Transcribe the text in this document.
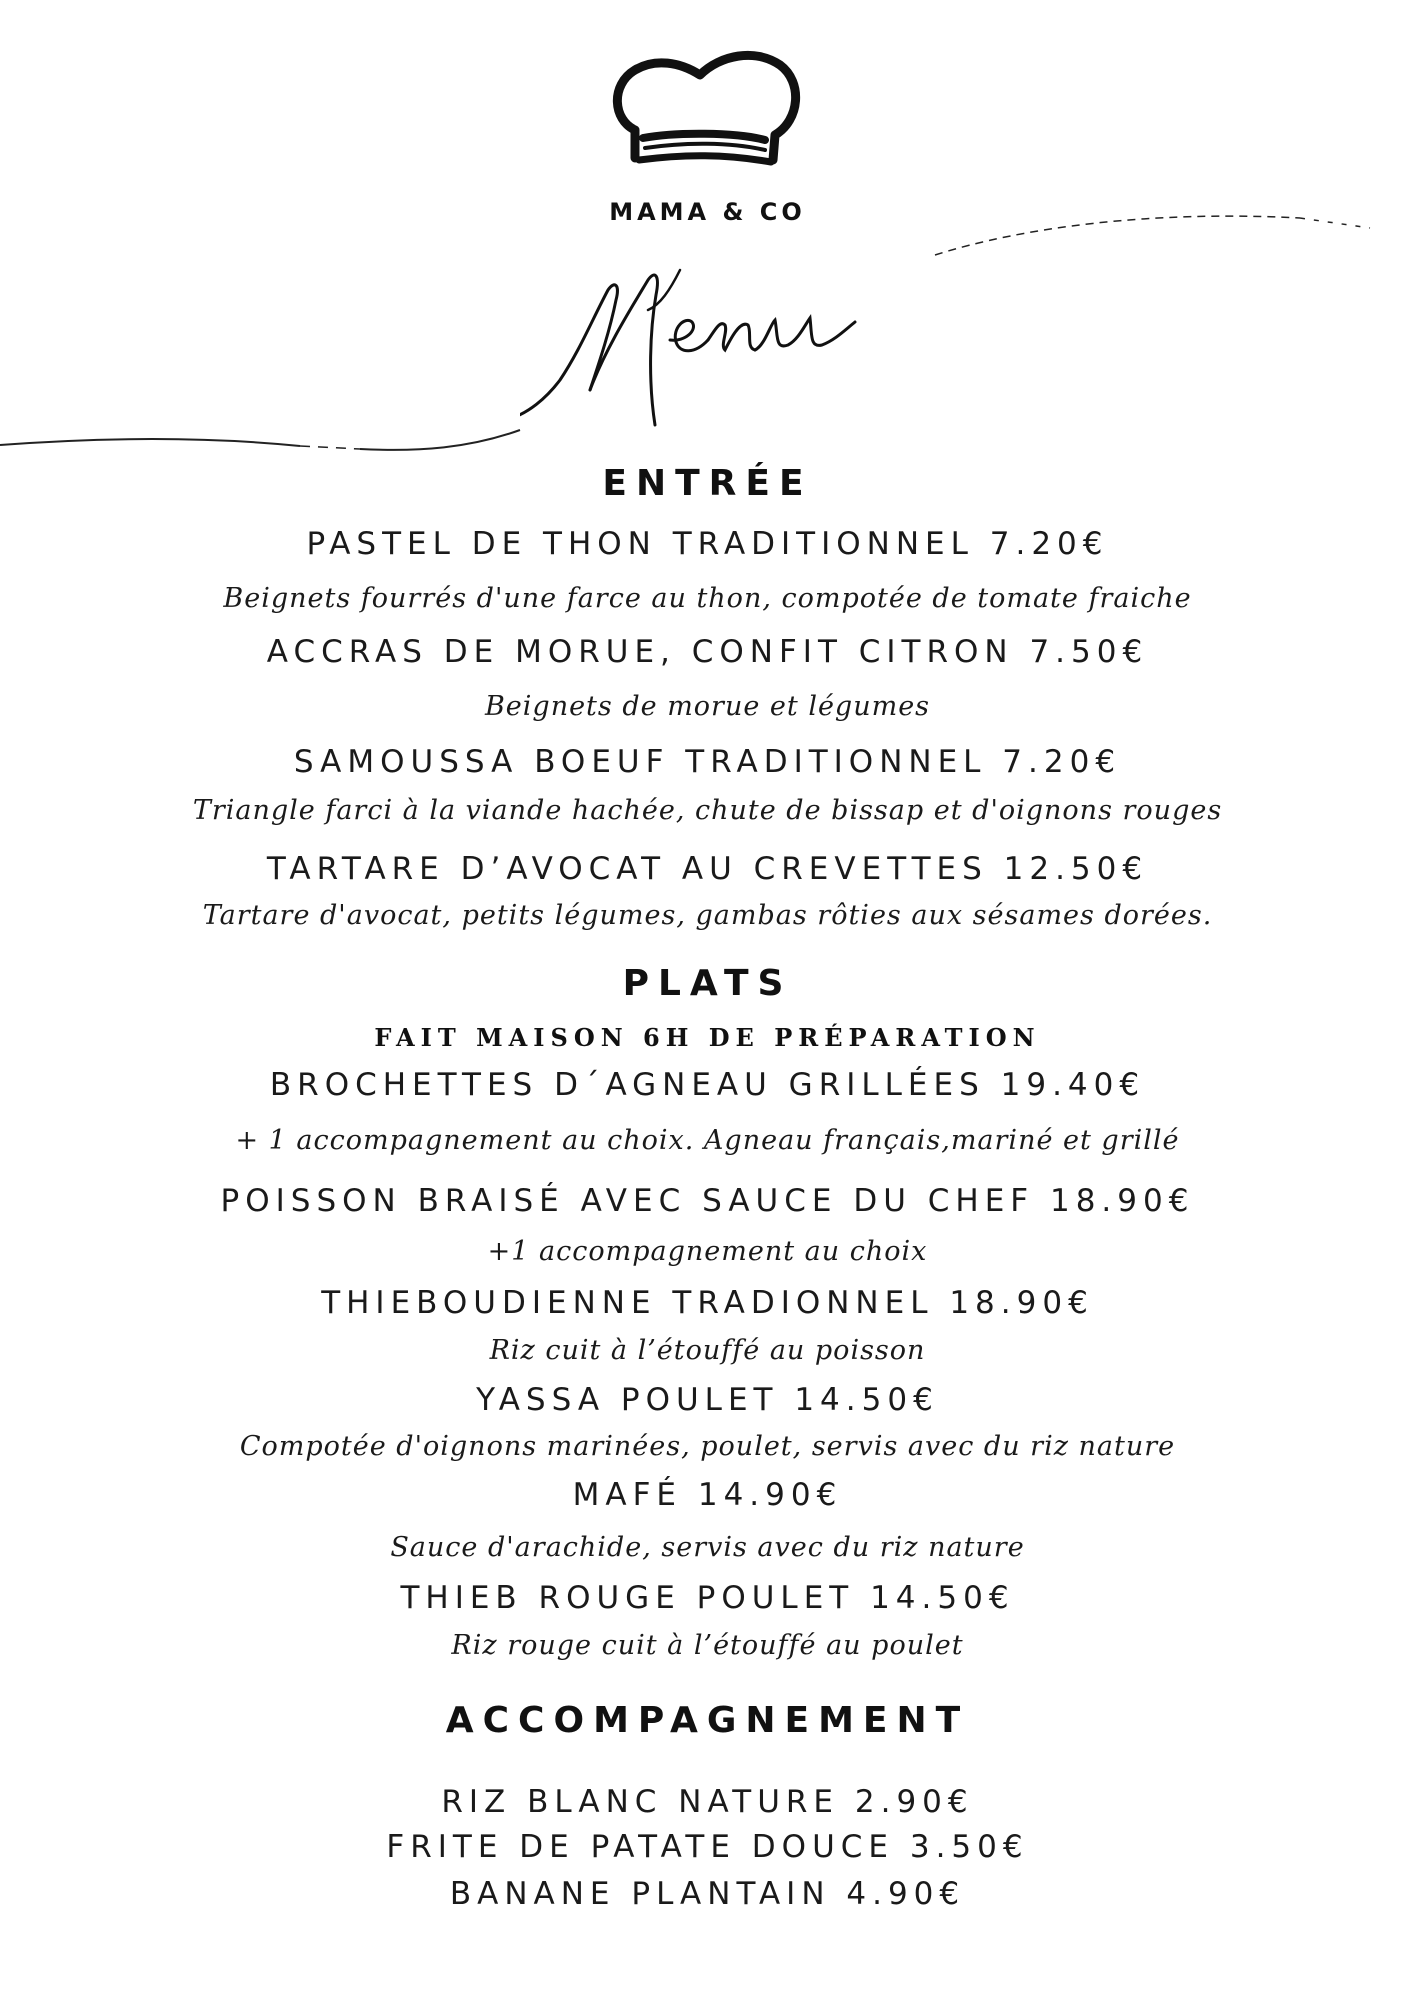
MAMA & CO
ENTRÉE
PASTEL DE THON TRADITIONNEL 7.20€
Beignets fourrés d'une farce au thon, compotée de tomate fraiche
ACCRAS DE MORUE, CONFIT CITRON 7.50€
Beignets de morue et légumes
SAMOUSSA BOEUF TRADITIONNEL 7.20€
Triangle farci à la viande hachée, chute de bissap et d'oignons rouges
TARTARE D’AVOCAT AU CREVETTES 12.50€
Tartare d'avocat, petits légumes, gambas rôties aux sésames dorées.
PLATS
FAIT MAISON 6H DE PRÉPARATION
BROCHETTES D´AGNEAU GRILLÉES 19.40€
+ 1 accompagnement au choix. Agneau français,mariné et grillé
POISSON BRAISÉ AVEC SAUCE DU CHEF 18.90€
+1 accompagnement au choix
THIEBOUDIENNE TRADIONNEL 18.90€
Riz cuit à l’étouffé au poisson
YASSA POULET 14.50€
Compotée d'oignons marinées, poulet, servis avec du riz nature
MAFÉ 14.90€
Sauce d'arachide, servis avec du riz nature
THIEB ROUGE POULET 14.50€
Riz rouge cuit à l’étouffé au poulet
ACCOMPAGNEMENT
RIZ BLANC NATURE 2.90€
FRITE DE PATATE DOUCE 3.50€
BANANE PLANTAIN 4.90€
